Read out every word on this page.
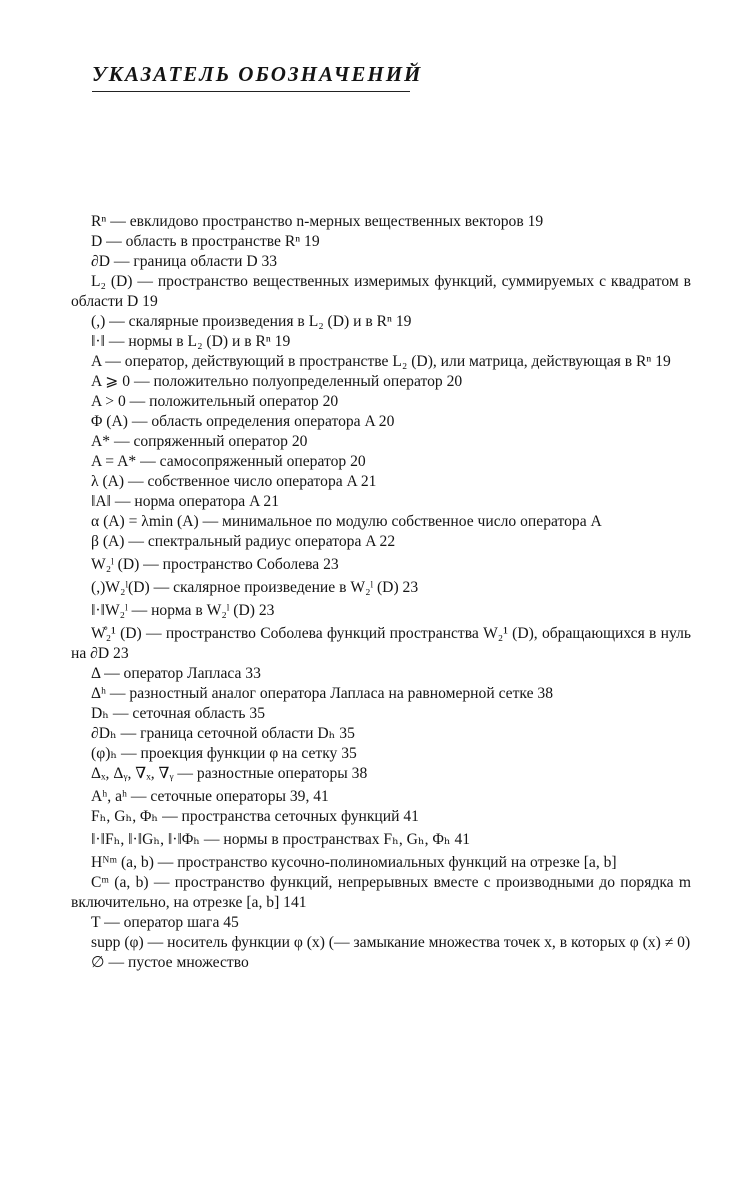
УКАЗАТЕЛЬ ОБОЗНАЧЕНИЙ
Rⁿ — евклидово пространство n-мерных вещественных векторов 19
D — область в пространстве Rⁿ 19
∂D — граница области D 33
L₂ (D) — пространство вещественных измеримых функций, суммируемых с квадратом в области D 19
(,) — скалярные произведения в L₂ (D) и в Rⁿ 19
‖·‖ — нормы в L₂ (D) и в Rⁿ 19
A — оператор, действующий в пространстве L₂ (D), или матрица, действующая в Rⁿ 19
A ⩾ 0 — положительно полуопределенный оператор 20
A > 0 — положительный оператор 20
Φ (A) — область определения оператора A 20
A* — сопряженный оператор 20
A = A* — самосопряженный оператор 20
λ (A) — собственное число оператора A 21
‖A‖ — норма оператора A 21
α (A) = λmin (A) — минимальное по модулю собственное число оператора A
β (A) — спектральный радиус оператора A 22
W₂ˡ (D) — пространство Соболева 23
(,)W₂ˡ(D) — скалярное произведение в W₂ˡ (D) 23
‖·‖W₂ˡ — норма в W₂ˡ (D) 23
W̊₂¹ (D) — пространство Соболева функций пространства W₂¹ (D), обращающихся в нуль на ∂D 23
Δ — оператор Лапласа 33
Δʰ — разностный аналог оператора Лапласа на равномерной сетке 38
Dₕ — сеточная область 35
∂Dₕ — граница сеточной области Dₕ 35
(φ)ₕ — проекция функции φ на сетку 35
Δₓ, Δᵧ, ∇ₓ, ∇ᵧ — разностные операторы 38
Aʰ, aʰ — сеточные операторы 39, 41
Fₕ, Gₕ, Φₕ — пространства сеточных функций 41
‖·‖Fₕ, ‖·‖Gₕ, ‖·‖Φₕ — нормы в пространствах Fₕ, Gₕ, Φₕ 41
Hᴺᵐ (a, b) — пространство кусочно-полиномиальных функций на отрезке [a, b]
Cᵐ (a, b) — пространство функций, непрерывных вместе с производными до порядка m включительно, на отрезке [a, b] 141
T — оператор шага 45
supp (φ) — носитель функции φ (x) (— замыкание множества точек x, в которых φ (x) ≠ 0)
∅ — пустое множество
